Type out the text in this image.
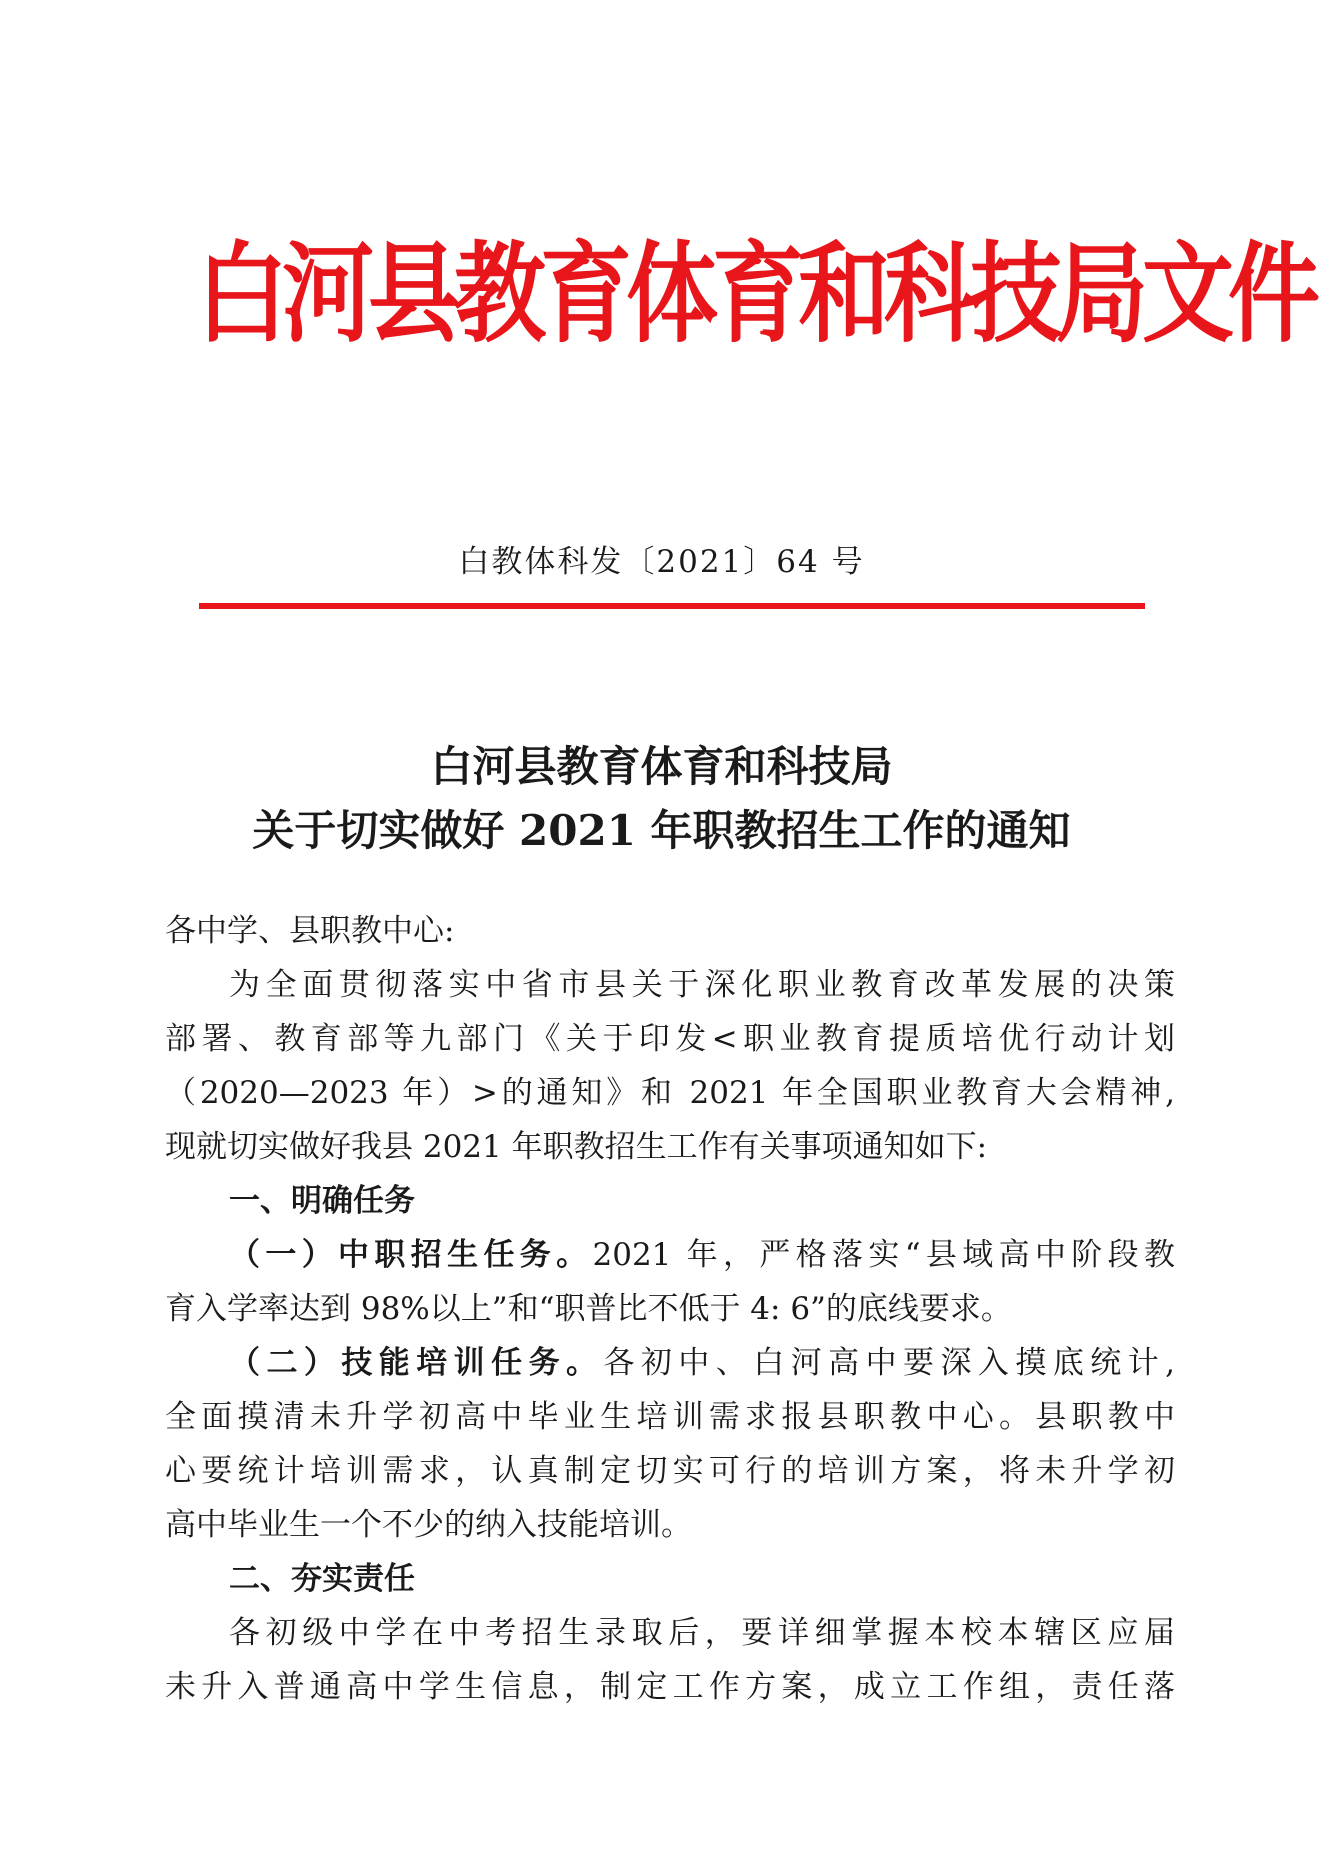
白河县教育体育和科技局文件
白教体科发〔2021〕64 号
白河县教育体育和科技局
关于切实做好 2021 年职教招生工作的通知
各中学、县职教中心:
为全面贯彻落实中省市县关于深化职业教育改革发展的决策
部署、教育部等九部门《关于印发<职业教育提质培优行动计划
（2020—2023 年）>的通知》和 2021 年全国职业教育大会精神,
现就切实做好我县 2021 年职教招生工作有关事项通知如下:
一、明确任务
（一）中职招生任务。2021 年，严格落实“县域高中阶段教
育入学率达到 98%以上”和“职普比不低于 4: 6”的底线要求。
（二）技能培训任务。各初中、白河高中要深入摸底统计,
全面摸清未升学初高中毕业生培训需求报县职教中心。县职教中
心要统计培训需求，认真制定切实可行的培训方案，将未升学初
高中毕业生一个不少的纳入技能培训。
二、夯实责任
各初级中学在中考招生录取后，要详细掌握本校本辖区应届
未升入普通高中学生信息，制定工作方案，成立工作组，责任落
